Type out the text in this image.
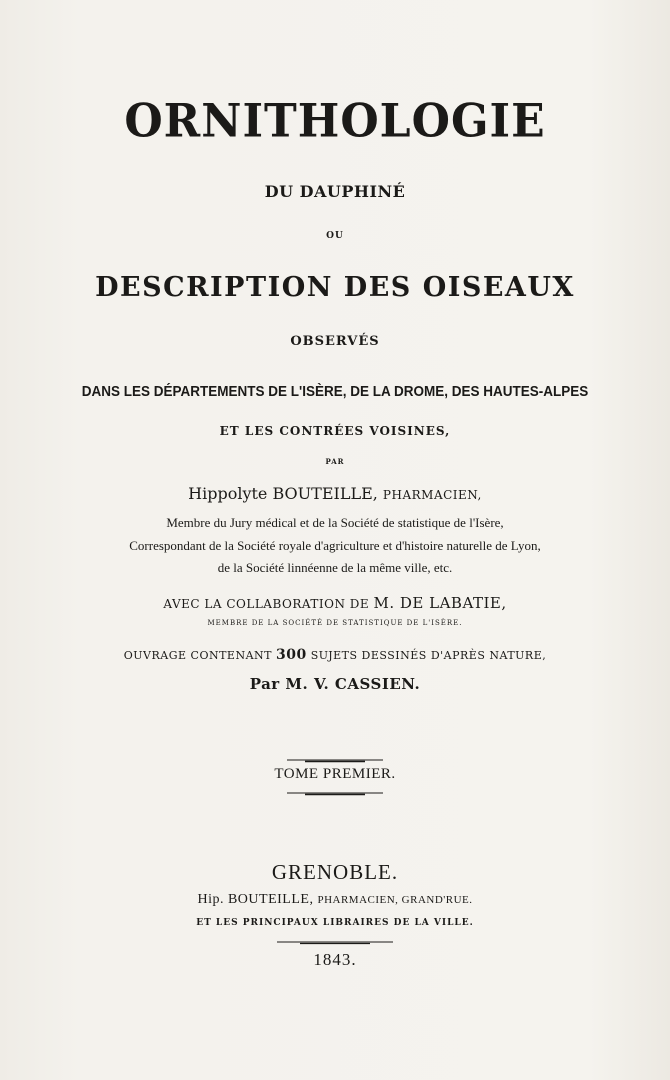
ORNITHOLOGIE
DU DAUPHINÉ
OU
DESCRIPTION DES OISEAUX
OBSERVÉS
DANS LES DÉPARTEMENTS DE L'ISÈRE, DE LA DROME, DES HAUTES-ALPES
ET LES CONTRÉES VOISINES,
PAR
Hippolyte BOUTEILLE, PHARMACIEN,
Membre du Jury médical et de la Société de statistique de l'Isère,
Correspondant de la Société royale d'agriculture et d'histoire naturelle de Lyon,
de la Société linnéenne de la même ville, etc.
AVEC LA COLLABORATION DE M. DE LABATIE,
MEMBRE DE LA SOCIÉTÉ DE STATISTIQUE DE L'ISÈRE.
OUVRAGE CONTENANT 300 SUJETS DESSINÉS D'APRÈS NATURE,
Par M. V. CASSIEN.
TOME PREMIER.
GRENOBLE.
Hip. BOUTEILLE, PHARMACIEN, GRAND'RUE.
ET LES PRINCIPAUX LIBRAIRES DE LA VILLE.
1843.
